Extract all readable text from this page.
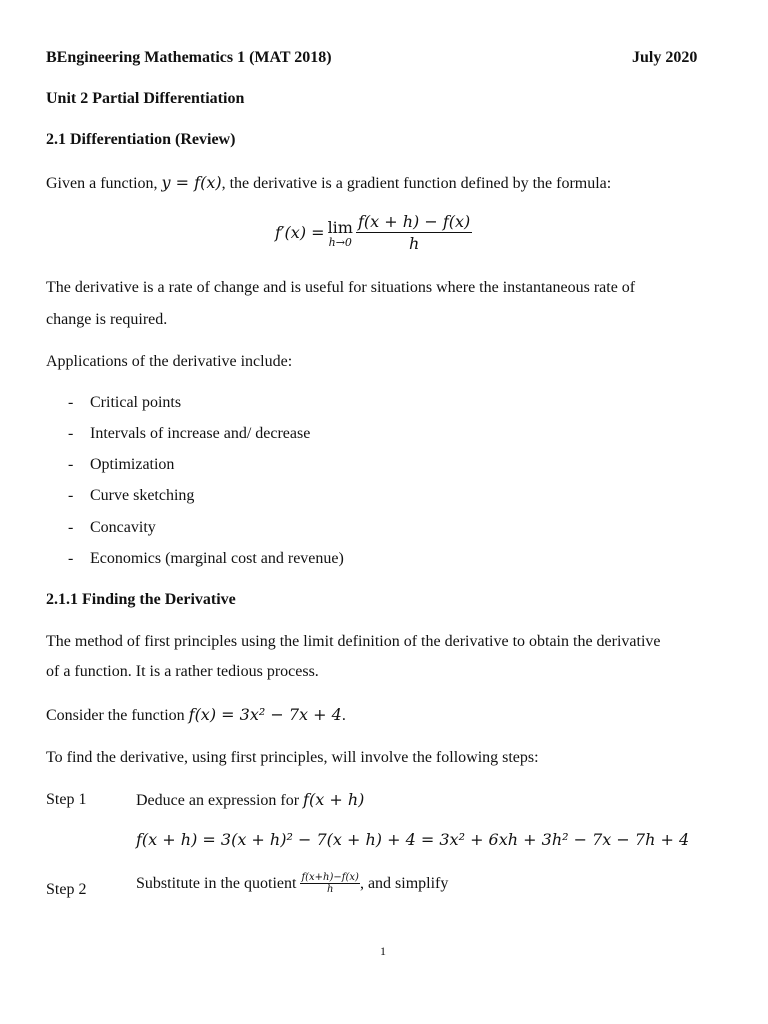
BEngineering Mathematics 1 (MAT 2018)	July 2020
Unit 2 Partial Differentiation
2.1 Differentiation (Review)
Given a function, y = f(x), the derivative is a gradient function defined by the formula:
f′(x) = lim
$h\to 0 \frac{f(x + h) - f(x)}{h}$
The derivative is a rate of change and is useful for situations where the instantaneous rate of
change is required.
Applications of the derivative include:
- Critical points
- Intervals of increase and/ decrease
- Optimization
- Curve sketching
- Concavity
- Economics (marginal cost and revenue)
2.1.1 Finding the Derivative
The method of first principles using the limit definition of the derivative to obtain the derivative
of a function. It is a rather tedious process.
Consider the function f(x) = 3x² − 7x + 4.
To find the derivative, using first principles, will involve the following steps:
Step 1	Deduce an expression for f(x + h)
f(x + h) = 3(x + h)² − 7(x + h) + 4 = 3x² + 6xh + 3h² − 7x − 7h + 4
Step 2	Substitute in the quotient $\frac{f(x+h)-f(x)}{h}$ , and simplify
1
